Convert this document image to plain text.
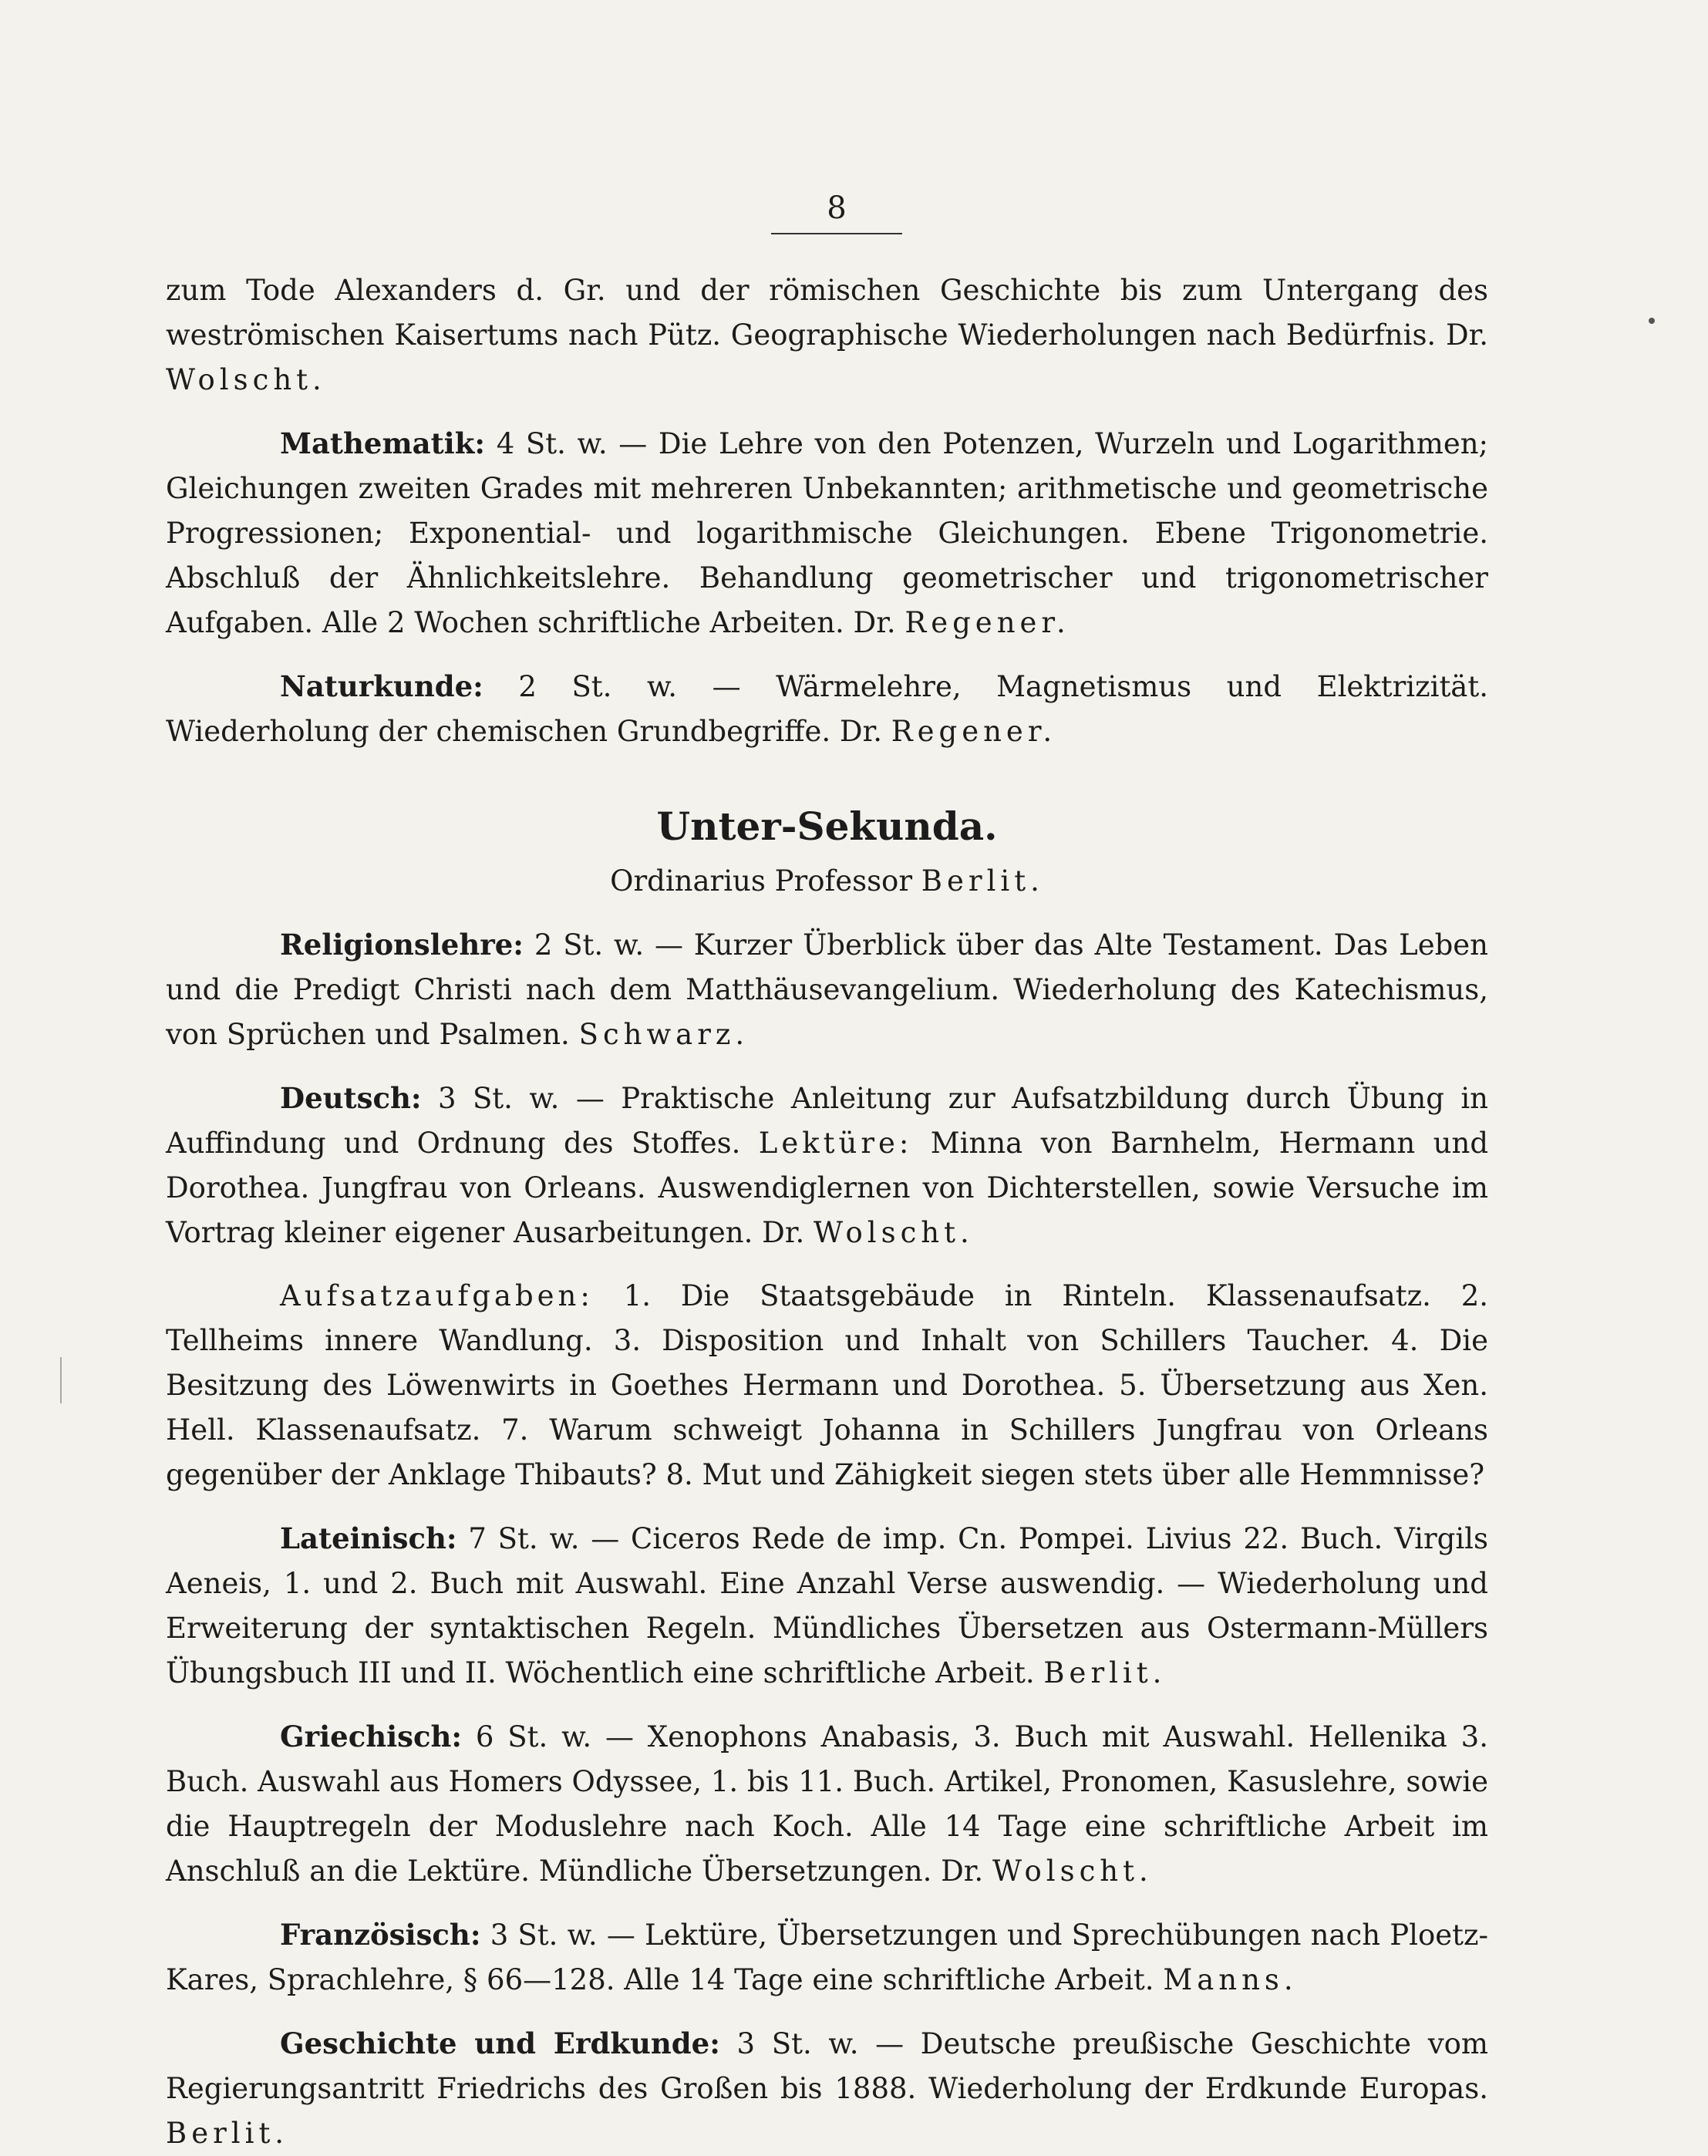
8

zum Tode Alexanders d. Gr. und der römischen Geschichte bis zum Untergang des weströmischen Kaisertums nach Pütz. Geographische Wiederholungen nach Bedürfnis. Dr. Wolscht.

Mathematik: 4 St. w. — Die Lehre von den Potenzen, Wurzeln und Logarithmen; Gleichungen zweiten Grades mit mehreren Unbekannten; arithmetische und geometrische Progressionen; Exponential- und logarithmische Gleichungen. Ebene Trigonometrie. Abschluß der Ähnlichkeitslehre. Behandlung geometrischer und trigonometrischer Aufgaben. Alle 2 Wochen schriftliche Arbeiten. Dr. Regener.

Naturkunde: 2 St. w. — Wärmelehre, Magnetismus und Elektrizität. Wiederholung der chemischen Grundbegriffe. Dr. Regener.

Unter-Sekunda.

Ordinarius Professor Berlit.

Religionslehre: 2 St. w. — Kurzer Überblick über das Alte Testament. Das Leben und die Predigt Christi nach dem Matthäusevangelium. Wiederholung des Katechismus, von Sprüchen und Psalmen. Schwarz.

Deutsch: 3 St. w. — Praktische Anleitung zur Aufsatzbildung durch Übung in Auffindung und Ordnung des Stoffes. Lektüre: Minna von Barnhelm, Hermann und Dorothea. Jungfrau von Orleans. Auswendiglernen von Dichterstellen, sowie Versuche im Vortrag kleiner eigener Ausarbeitungen. Dr. Wolscht.

Aufsatzaufgaben: 1. Die Staatsgebäude in Rinteln. Klassenaufsatz. 2. Tellheims innere Wandlung. 3. Disposition und Inhalt von Schillers Taucher. 4. Die Besitzung des Löwenwirts in Goethes Hermann und Dorothea. 5. Übersetzung aus Xen. Hell. Klassenaufsatz. 7. Warum schweigt Johanna in Schillers Jungfrau von Orleans gegenüber der Anklage Thibauts? 8. Mut und Zähigkeit siegen stets über alle Hemmnisse?

Lateinisch: 7 St. w. — Ciceros Rede de imp. Cn. Pompei. Livius 22. Buch. Virgils Aeneis, 1. und 2. Buch mit Auswahl. Eine Anzahl Verse auswendig. — Wiederholung und Erweiterung der syntaktischen Regeln. Mündliches Übersetzen aus Ostermann-Müllers Übungsbuch III und II. Wöchentlich eine schriftliche Arbeit. Berlit.

Griechisch: 6 St. w. — Xenophons Anabasis, 3. Buch mit Auswahl. Hellenika 3. Buch. Auswahl aus Homers Odyssee, 1. bis 11. Buch. Artikel, Pronomen, Kasuslehre, sowie die Hauptregeln der Moduslehre nach Koch. Alle 14 Tage eine schriftliche Arbeit im Anschluß an die Lektüre. Mündliche Übersetzungen. Dr. Wolscht.

Französisch: 3 St. w. — Lektüre, Übersetzungen und Sprechübungen nach Ploetz-Kares, Sprachlehre, § 66—128. Alle 14 Tage eine schriftliche Arbeit. Manns.

Geschichte und Erdkunde: 3 St. w. — Deutsche preußische Geschichte vom Regierungsantritt Friedrichs des Großen bis 1888. Wiederholung der Erdkunde Europas. Berlit.
